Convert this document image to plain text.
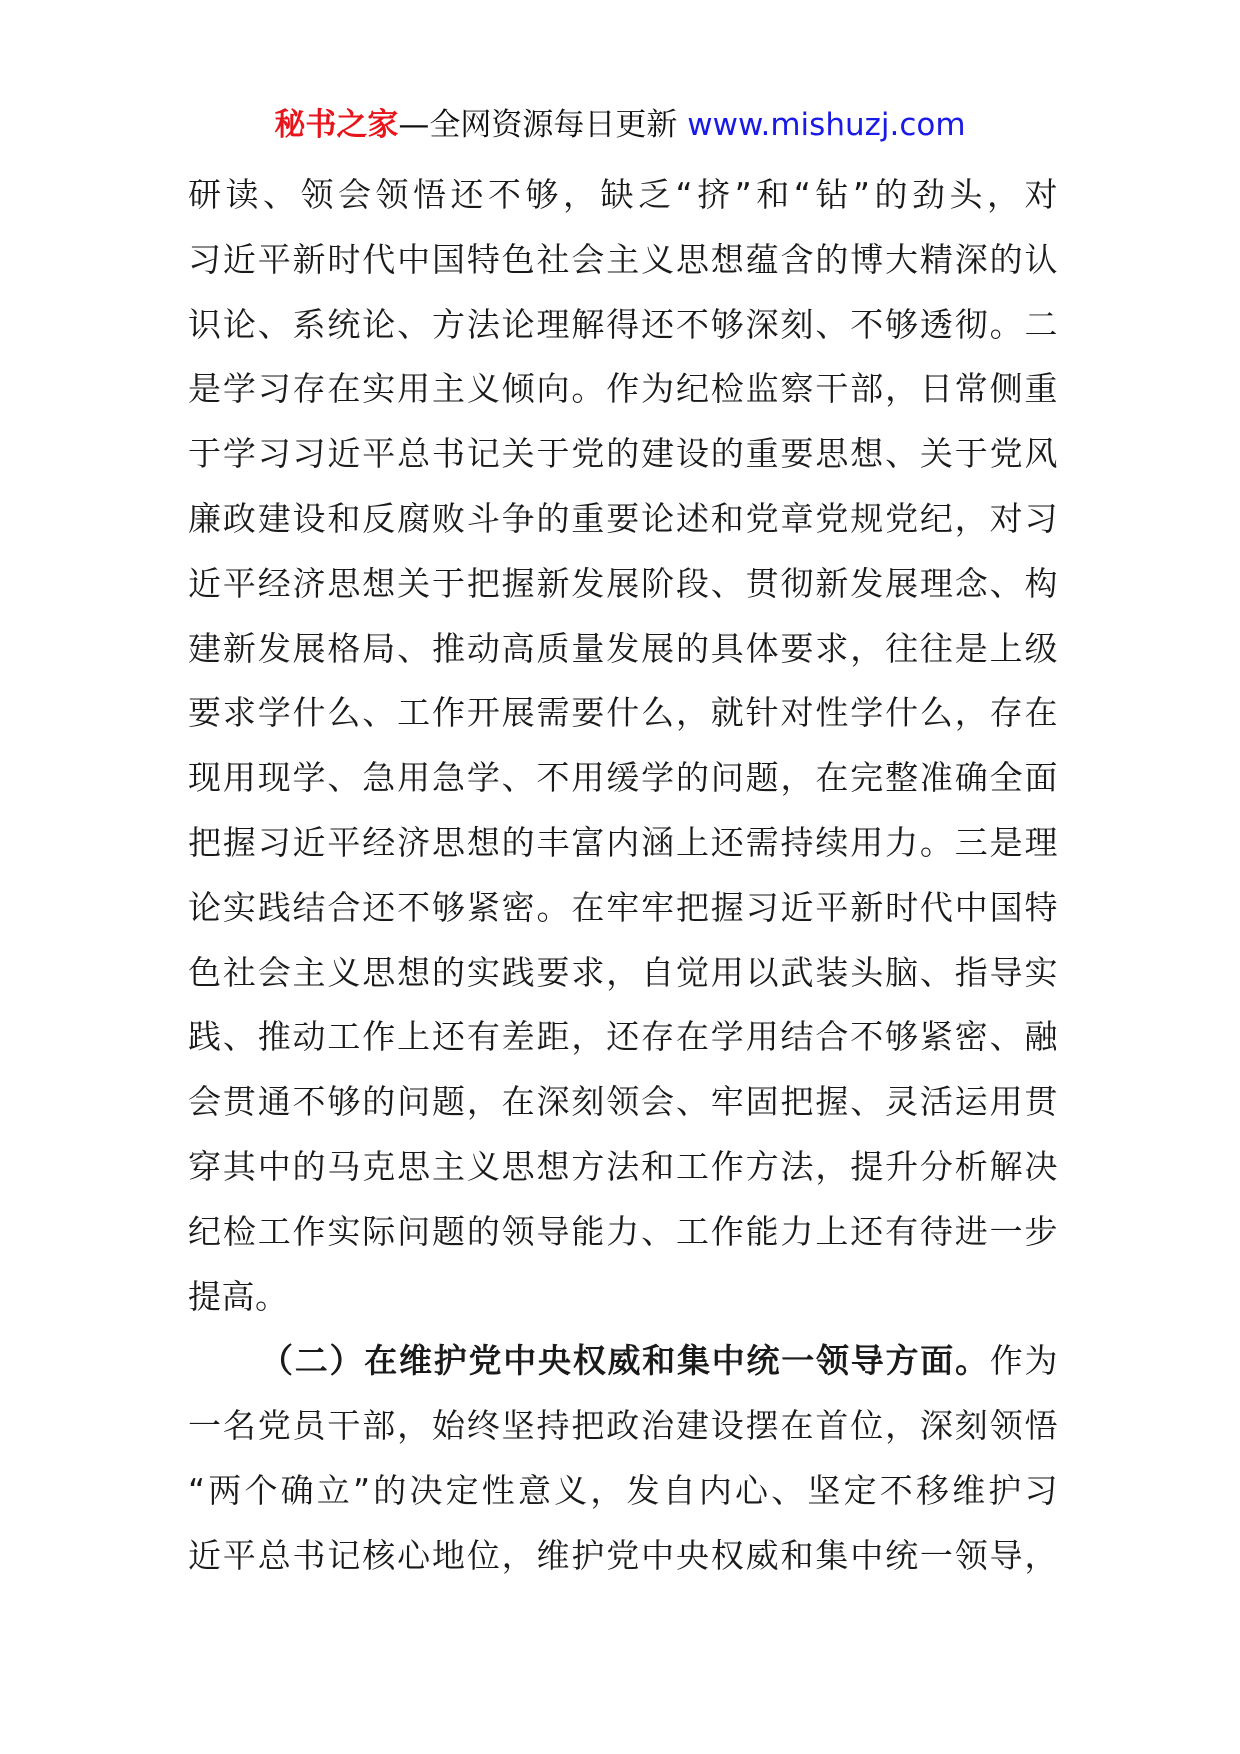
秘书之家—全网资源每日更新 www.mishuzj.com
研读、领会领悟还不够，缺乏“挤”和“钻”的劲头，对
习近平新时代中国特色社会主义思想蕴含的博大精深的认
识论、系统论、方法论理解得还不够深刻、不够透彻。二
是学习存在实用主义倾向。作为纪检监察干部，日常侧重
于学习习近平总书记关于党的建设的重要思想、关于党风
廉政建设和反腐败斗争的重要论述和党章党规党纪，对习
近平经济思想关于把握新发展阶段、贯彻新发展理念、构
建新发展格局、推动高质量发展的具体要求，往往是上级
要求学什么、工作开展需要什么，就针对性学什么，存在
现用现学、急用急学、不用缓学的问题，在完整准确全面
把握习近平经济思想的丰富内涵上还需持续用力。三是理
论实践结合还不够紧密。在牢牢把握习近平新时代中国特
色社会主义思想的实践要求，自觉用以武装头脑、指导实
践、推动工作上还有差距，还存在学用结合不够紧密、融
会贯通不够的问题，在深刻领会、牢固把握、灵活运用贯
穿其中的马克思主义思想方法和工作方法，提升分析解决
纪检工作实际问题的领导能力、工作能力上还有待进一步
提高。
（二）在维护党中央权威和集中统一领导方面。作为
一名党员干部，始终坚持把政治建设摆在首位，深刻领悟
“两个确立”的决定性意义，发自内心、坚定不移维护习
近平总书记核心地位，维护党中央权威和集中统一领导，
